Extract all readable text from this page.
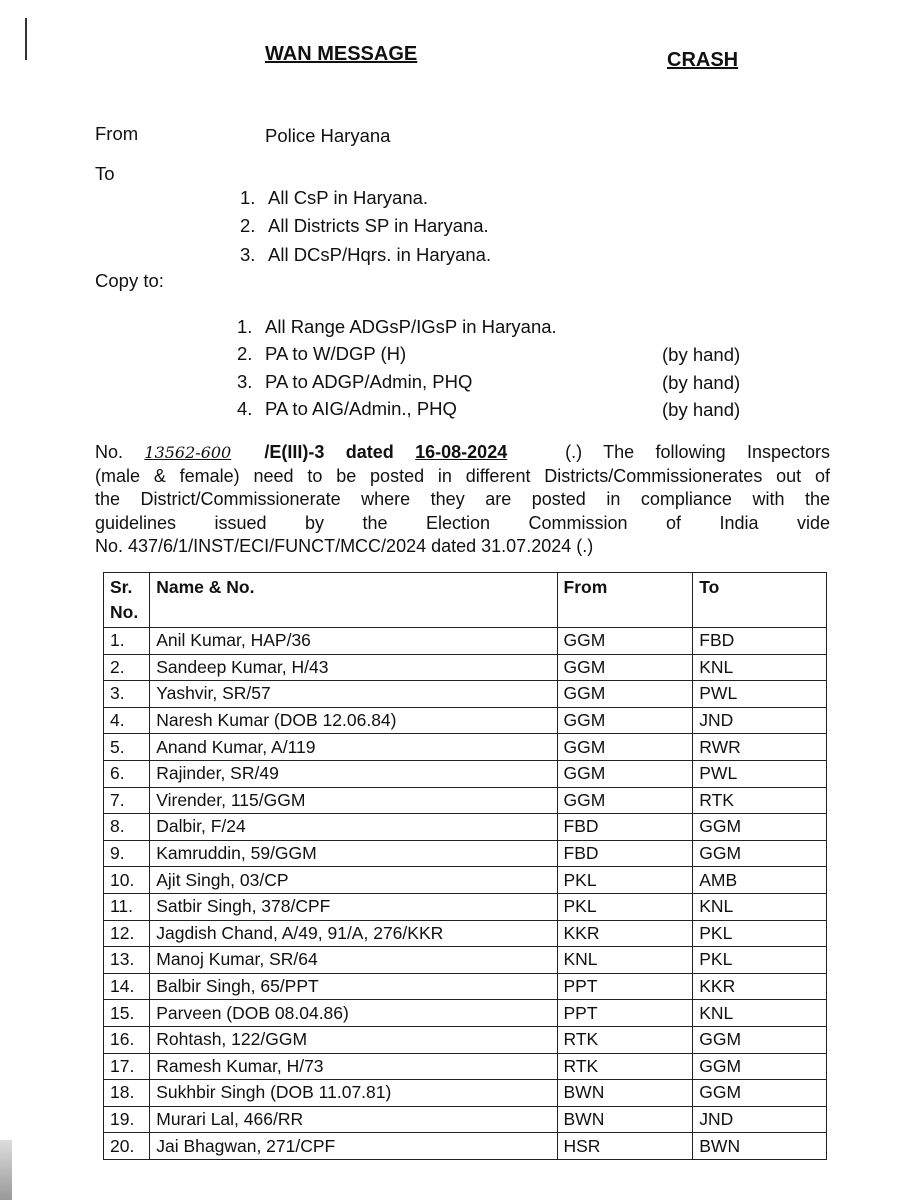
WAN MESSAGE	CRASH
From	Police Haryana
To
1. All CsP in Haryana.
2. All Districts SP in Haryana.
3. All DCsP/Hqrs. in Haryana.
Copy to:
1. All Range ADGsP/IGsP in Haryana.
2. PA to W/DGP (H)	(by hand)
3. PA to ADGP/Admin, PHQ	(by hand)
4. PA to AIG/Admin., PHQ	(by hand)
No. 13562-600 /E(III)-3 dated 16-08-2024	(.) The following Inspectors
(male & female) need to be posted in different Districts/Commissionerates out of
the District/Commissionerate where they are posted in compliance with the
guidelines issued by the Election Commission of India vide
No. 437/6/1/INST/ECI/FUNCT/MCC/2024 dated 31.07.2024 (.)
Sr. No.	Name & No.	From	To
1.	Anil Kumar, HAP/36	GGM	FBD
2.	Sandeep Kumar, H/43	GGM	KNL
3.	Yashvir, SR/57	GGM	PWL
4.	Naresh Kumar (DOB 12.06.84)	GGM	JND
5.	Anand Kumar, A/119	GGM	RWR
6.	Rajinder, SR/49	GGM	PWL
7.	Virender, 115/GGM	GGM	RTK
8.	Dalbir, F/24	FBD	GGM
9.	Kamruddin, 59/GGM	FBD	GGM
10.	Ajit Singh, 03/CP	PKL	AMB
11.	Satbir Singh, 378/CPF	PKL	KNL
12.	Jagdish Chand, A/49, 91/A, 276/KKR	KKR	PKL
13.	Manoj Kumar, SR/64	KNL	PKL
14.	Balbir Singh, 65/PPT	PPT	KKR
15.	Parveen (DOB 08.04.86)	PPT	KNL
16.	Rohtash, 122/GGM	RTK	GGM
17.	Ramesh Kumar, H/73	RTK	GGM
18.	Sukhbir Singh (DOB 11.07.81)	BWN	GGM
19.	Murari Lal, 466/RR	BWN	JND
20.	Jai Bhagwan, 271/CPF	HSR	BWN
